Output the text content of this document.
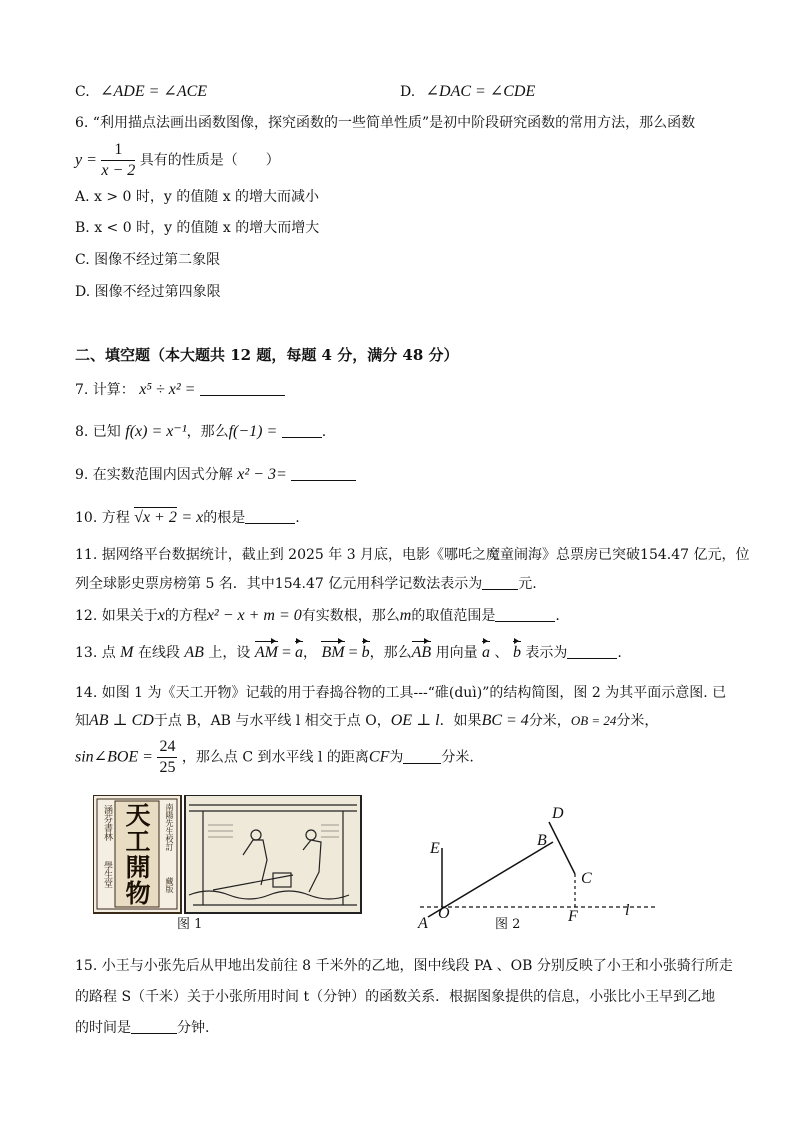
C. ∠ADE = ∠ACE	D. ∠DAC = ∠CDE
6. “利用描点法画出函数图像，探究函数的一些简单性质”是初中阶段研究函数的常用方法，那么函数
$y = \frac{1}{x - 2}$ 具有的性质是（　　）
A. x > 0 时，y 的值随 x 的增大而减小
B. x < 0 时，y 的值随 x 的增大而增大
C. 图像不经过第二象限
D. 图像不经过第四象限
二、填空题（本大题共 12 题，每题 4 分，满分 48 分）
7. 计算： x⁵ ÷ x² =
8. 已知 f(x) = x⁻¹，那么f(−1) =	.
9. 在实数范围内因式分解 x² − 3=
10. 方程 √x + 2 = x的根是	.
11. 据网络平台数据统计，截止到 2025 年 3 月底，电影《哪吒之魔童闹海》总票房已突破154.47 亿元，位
列全球影史票房榜第 5 名．其中154.47 亿元用科学记数法表示为	元.
12. 如果关于x的方程x² − x + m = 0有实数根，那么m的取值范围是	.
13. 点 M 在线段 AB 上，设 AM = a， BM = b，那么AB 用向量 a 、 b 表示为	.
14. 如图 1 为《天工开物》记载的用于舂捣谷物的工具---“碓(duì)”的结构简图，图 2 为其平面示意图. 已
知AB ⊥ CD于点 B，AB 与水平线 l 相交于点 O，OE ⊥ l．如果BC = 4分米，OB = 24分米，
sin∠BOE = $\frac{24}{25}$ ，那么点 C 到水平线 l 的距离CF为	分米.
天工開物
涵芬書林
學生堂
南陽先生校訂
藏版
图 1
D
B
C
E
A
O	F	l
图 2
15. 小王与小张先后从甲地出发前往 8 千米外的乙地，图中线段 PA 、OB 分别反映了小王和小张骑行所走
的路程 S（千米）关于小张所用时间 t（分钟）的函数关系．根据图象提供的信息，小张比小王早到乙地
的时间是	分钟.
